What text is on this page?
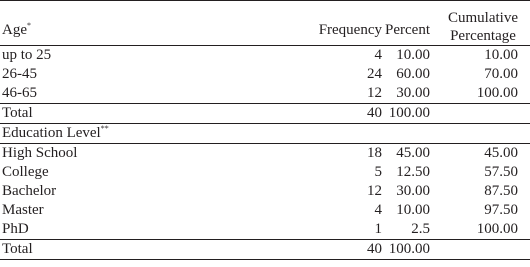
Age*	Frequency	Percent	Cumulative
Percentage

up to 25	4	10.00	10.00
26-45	24	60.00	70.00
46-65	12	30.00	100.00
Total	40	100.00	
Education Level**
High School	18	45.00	45.00
College	5	12.50	57.50
Bachelor	12	30.00	87.50
Master	4	10.00	97.50
PhD	1	2.5	100.00
Total	40	100.00	
